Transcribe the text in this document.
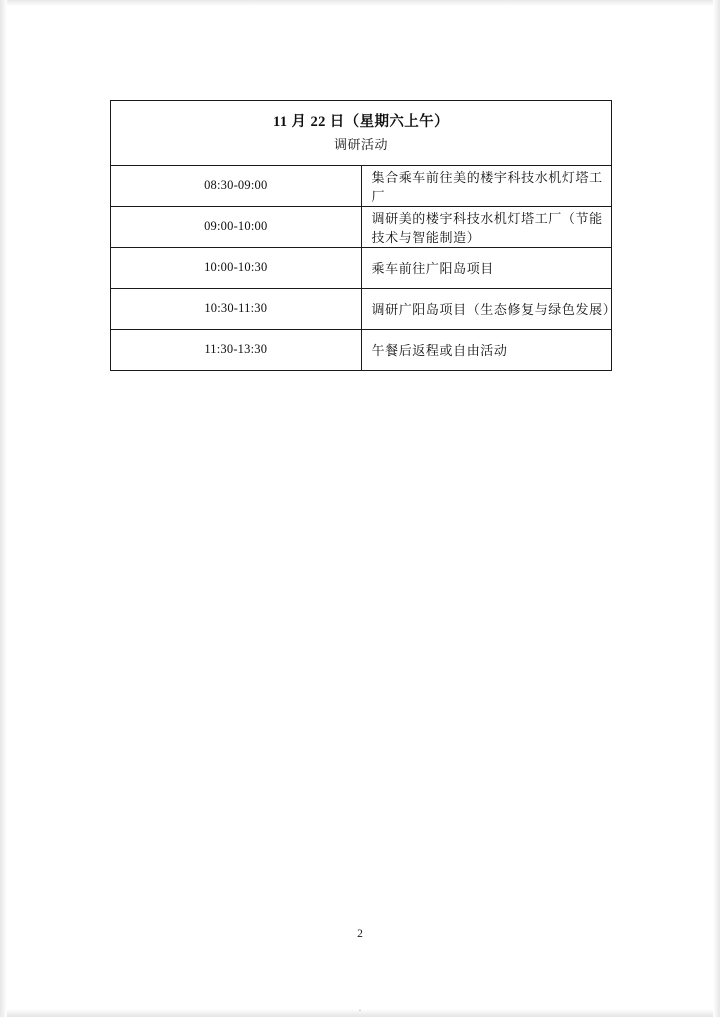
11 月 22 日（星期六上午）
调研活动	

08:30-09:00	集合乘车前往美的楼宇科技水机灯塔工厂
09:00-10:00	调研美的楼宇科技水机灯塔工厂（节能技术与智能制造）
10:00-10:30	乘车前往广阳岛项目
10:30-11:30	调研广阳岛项目（生态修复与绿色发展）
11:30-13:30	午餐后返程或自由活动
2
.
